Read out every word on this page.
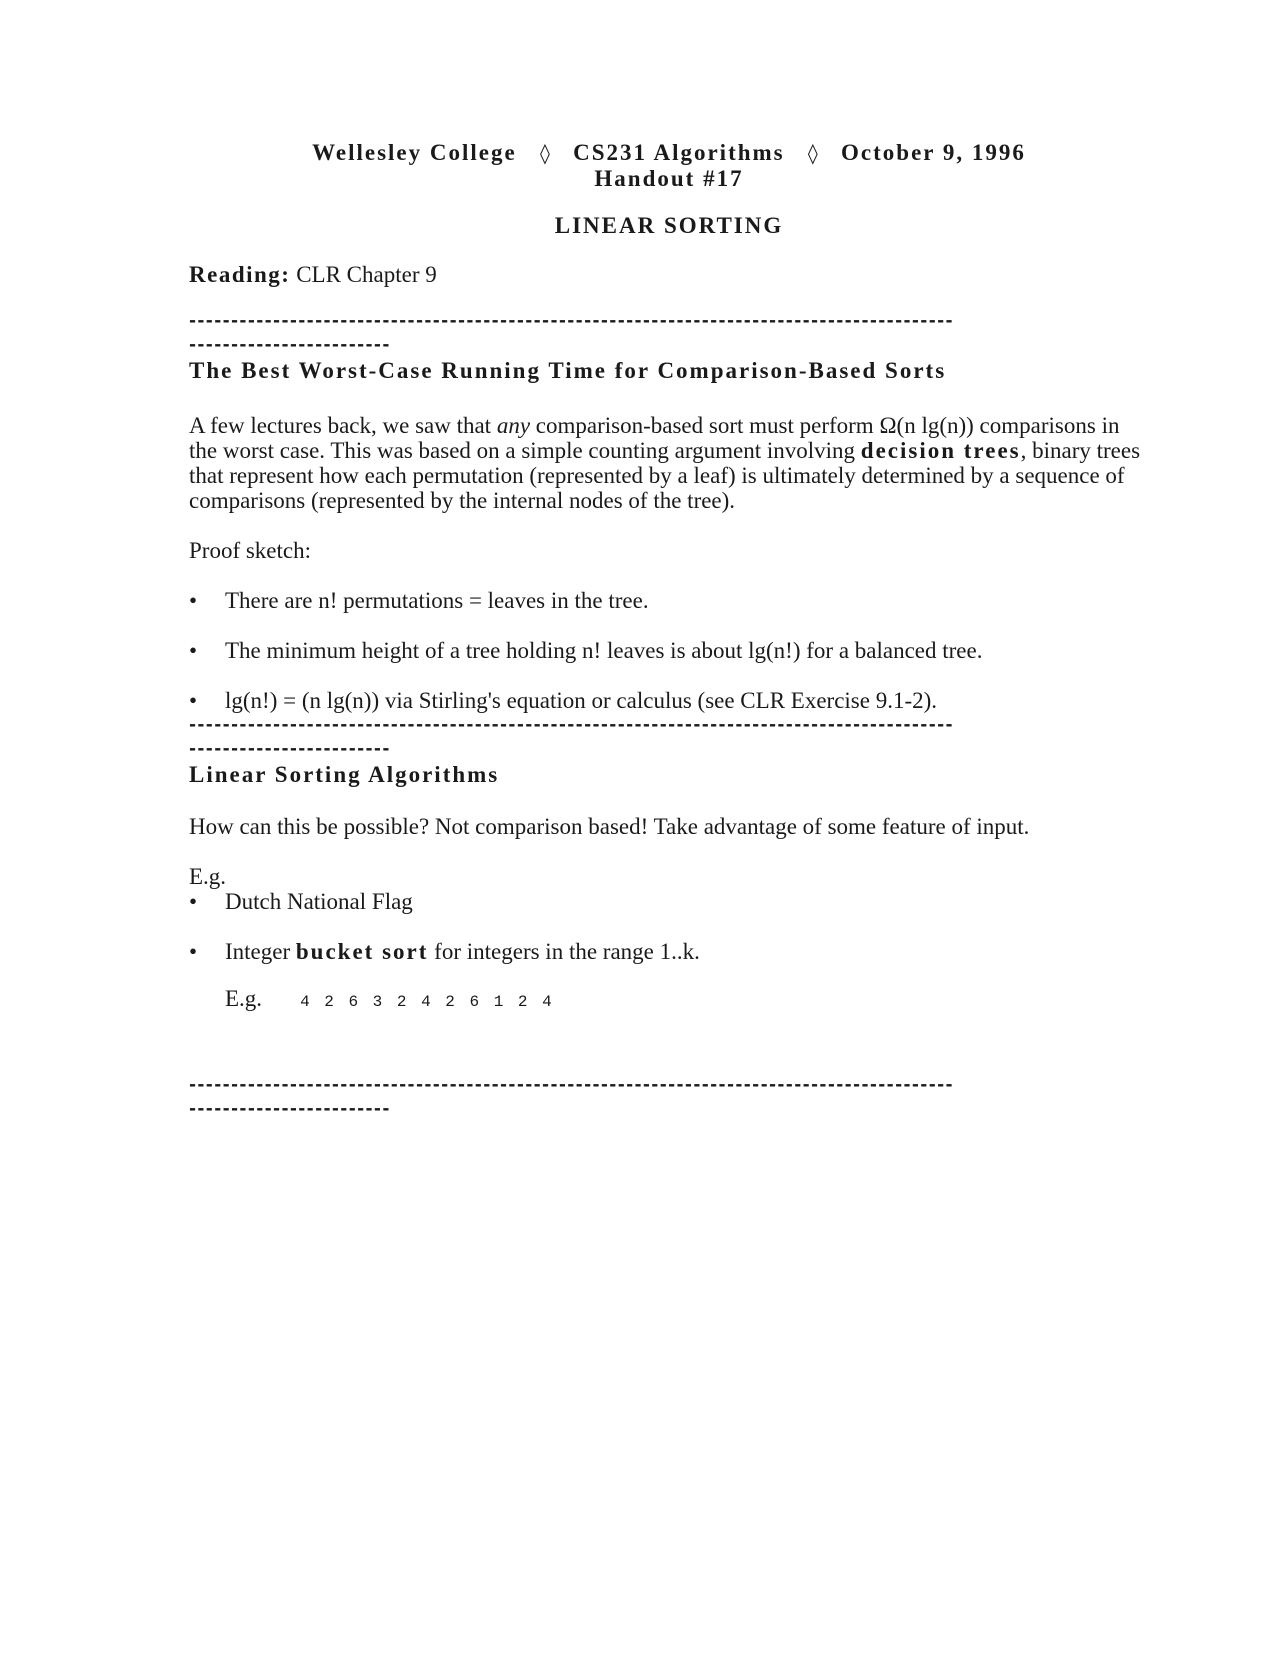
Wellesley College ◊ CS231 Algorithms ◊ October 9, 1996
Handout #17
LINEAR SORTING
Reading: CLR Chapter 9
-------------------------------------------------------------------------------------------
------------------------
The Best Worst-Case Running Time for Comparison-Based Sorts

A few lectures back, we saw that any comparison-based sort must perform Ω(n lg(n)) comparisons in the worst case. This was based on a simple counting argument involving decision trees, binary trees that represent how each permutation (represented by a leaf) is ultimately determined by a sequence of comparisons (represented by the internal nodes of the tree).

Proof sketch:

• There are n! permutations = leaves in the tree.
• The minimum height of a tree holding n! leaves is about lg(n!) for a balanced tree.
• lg(n!) = (n lg(n)) via Stirling's equation or calculus (see CLR Exercise 9.1-2).
-------------------------------------------------------------------------------------------
------------------------
Linear Sorting Algorithms

How can this be possible? Not comparison based! Take advantage of some feature of input.

E.g.

• Dutch National Flag
• Integer bucket sort for integers in the range 1..k.
E.g. 4 2 6 3 2 4 2 6 1 2 4
-------------------------------------------------------------------------------------------
------------------------
